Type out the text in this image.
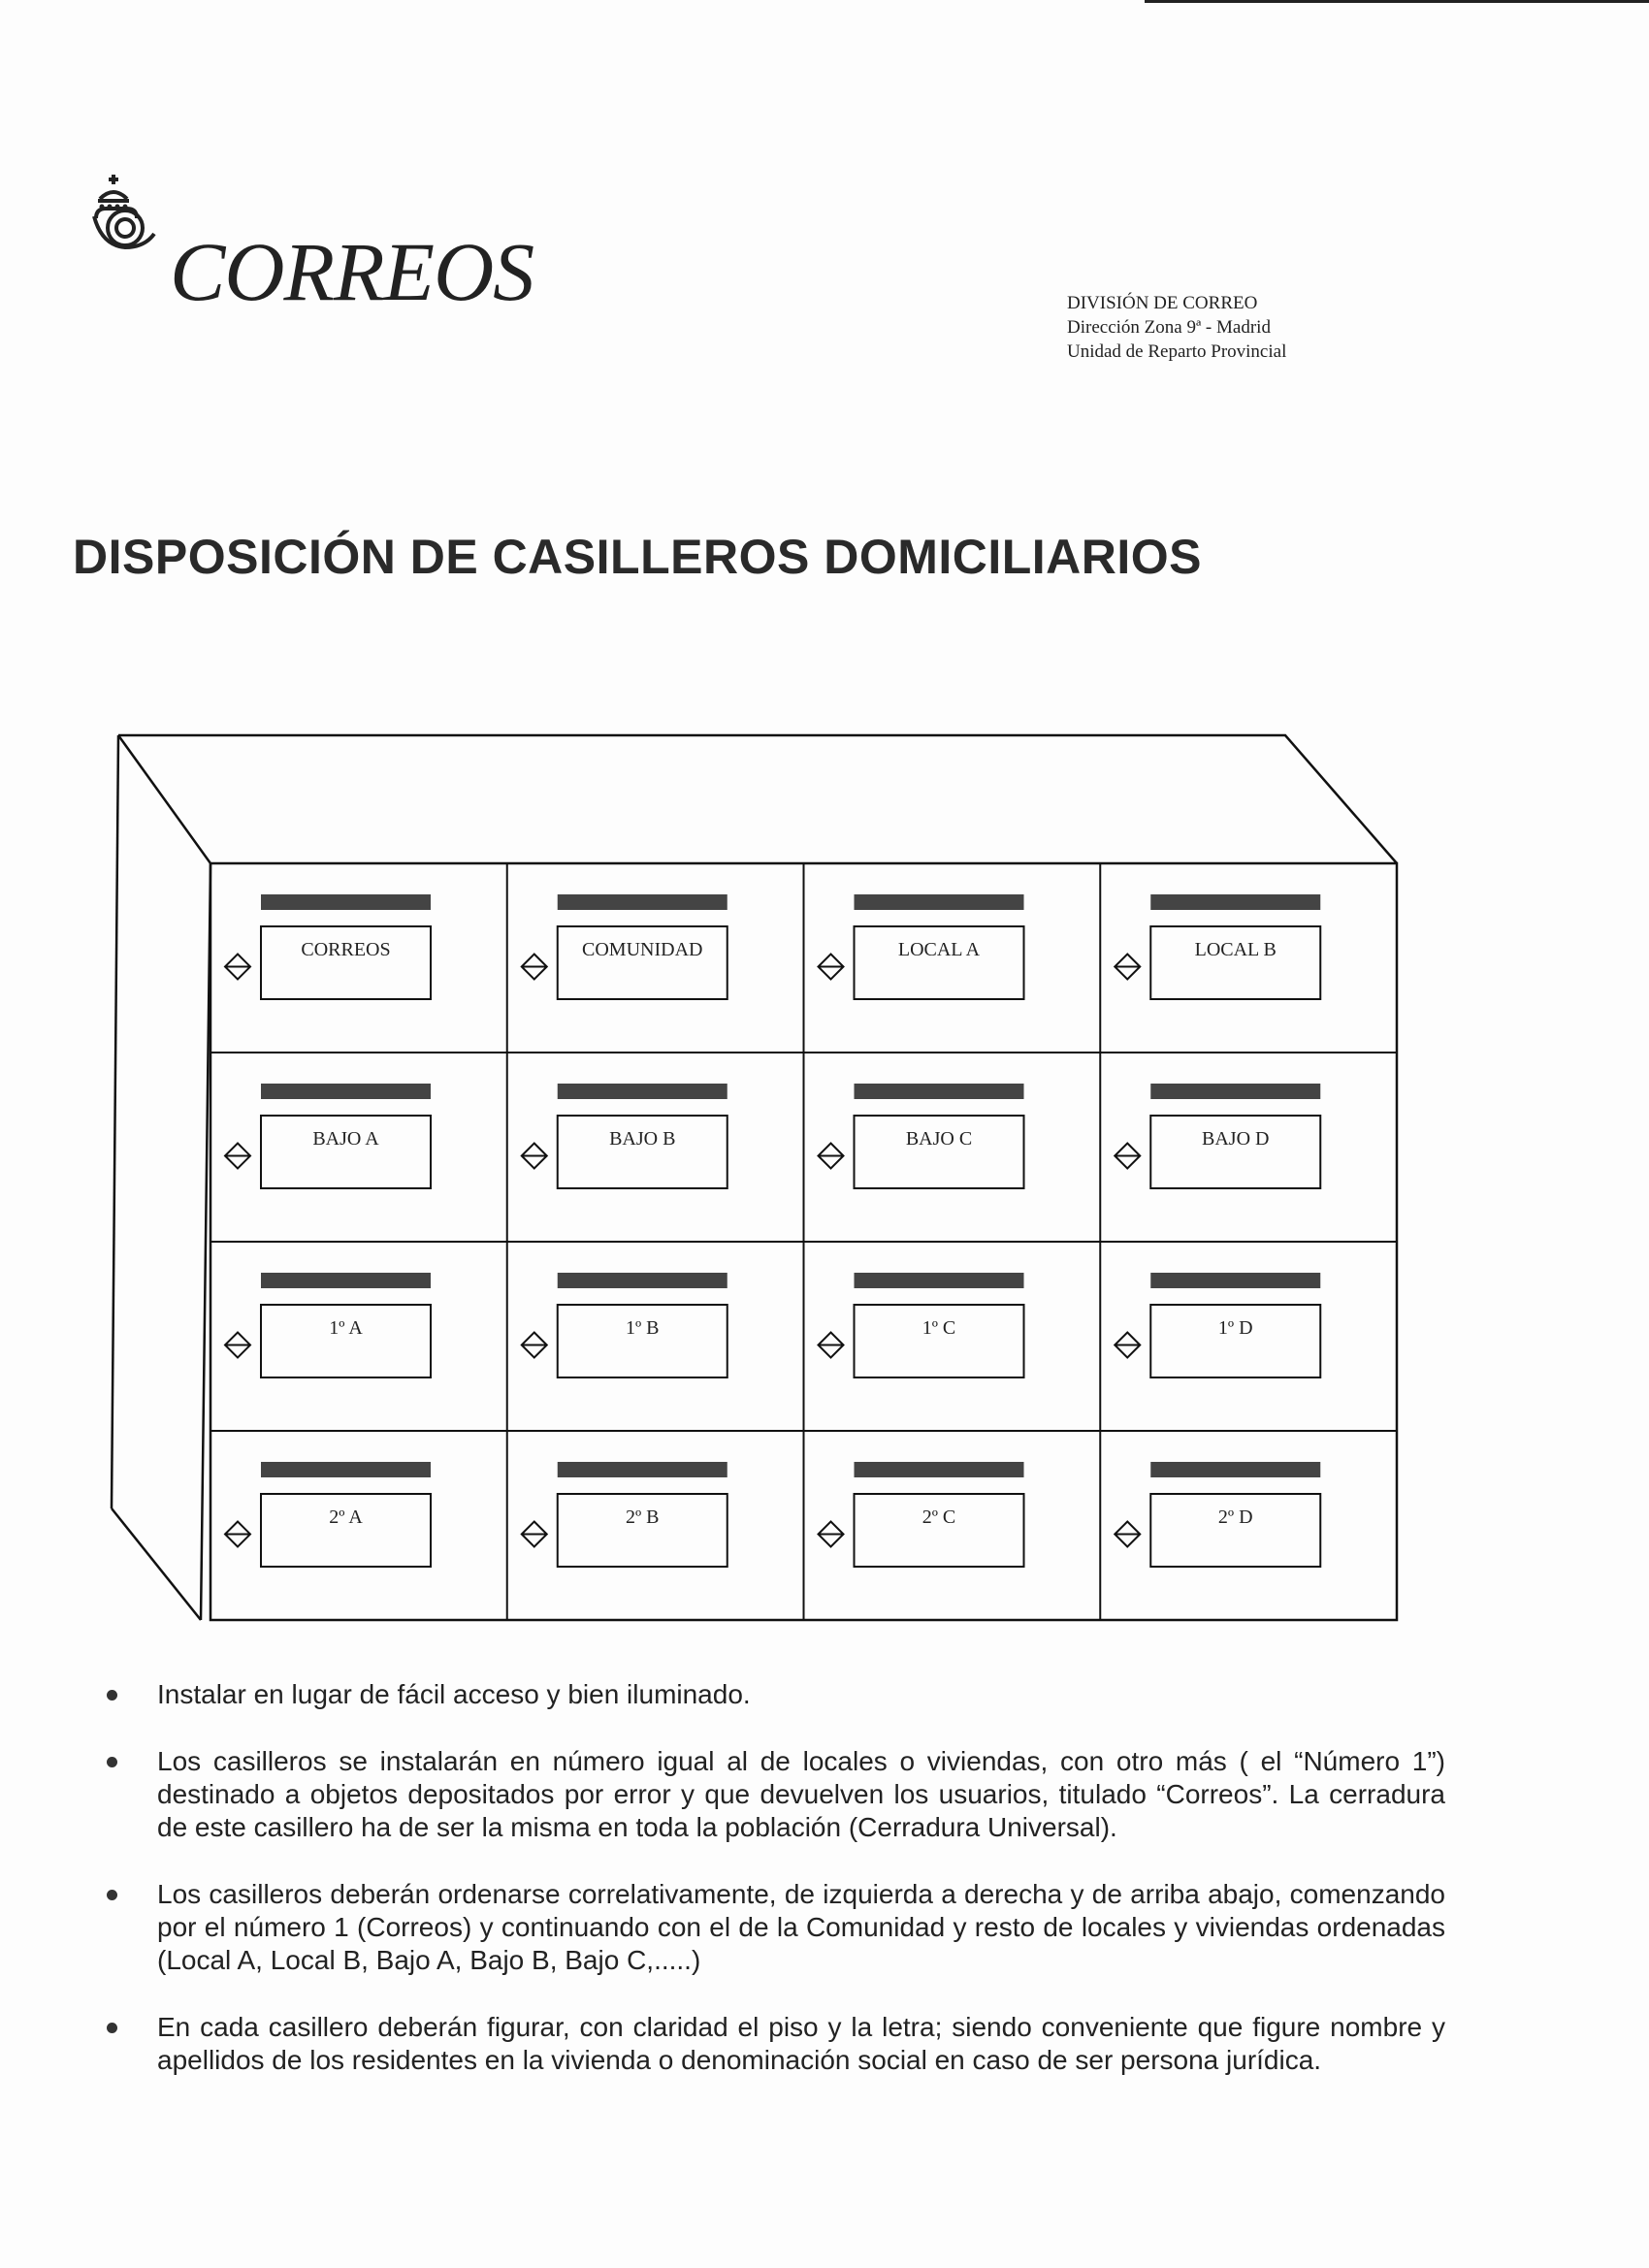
CORREOS	DIVISIÓN DE CORREO
Dirección Zona 9ª - Madrid
Unidad de Reparto Provincial
DISPOSICIÓN DE CASILLEROS DOMICILIARIOS
CORREOS	COMUNIDAD	LOCAL A	LOCAL B
BAJO A	BAJO B	BAJO C	BAJO D
1º A	1º B	1º C	1º D
2º A	2º B	2º C	2º D
Instalar en lugar de fácil acceso y bien iluminado.
Los casilleros se instalarán en número igual al de locales o viviendas, con otro más ( el “Número 1”) destinado a objetos depositados por error y que devuelven los usuarios, titulado “Correos”. La cerradura de este casillero ha de ser la misma en toda la población (Cerradura Universal).
Los casilleros deberán ordenarse correlativamente, de izquierda a derecha y de arriba abajo, comenzando por el número 1 (Correos) y continuando con el de la Comunidad y resto de locales y viviendas ordenadas (Local A, Local B, Bajo A, Bajo B, Bajo C,.....)
En cada casillero deberán figurar, con claridad el piso y la letra; siendo conveniente que figure nombre y apellidos de los residentes en la vivienda o denominación social en caso de ser persona jurídica.
